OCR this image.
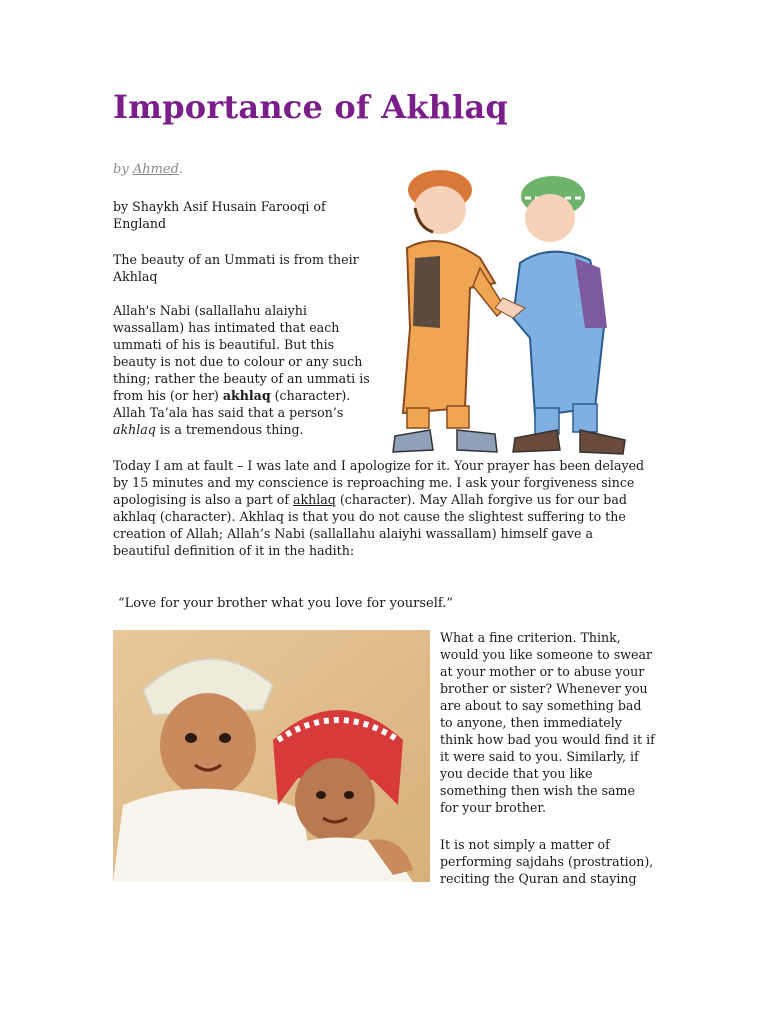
Importance of Akhlaq
by Ahmed.

by Shaykh Asif Husain Farooqi of England

The beauty of an Ummati is from their Akhlaq

Allah's Nabi (sallallahu alaiyhi wassallam) has intimated that each ummati of his is beautiful. But this beauty is not due to colour or any such thing; rather the beauty of an ummati is from his (or her) akhlaq (character). Allah Ta’ala has said that a person’s akhlaq is a tremendous thing.

Today I am at fault – I was late and I apologize for it. Your prayer has been delayed by 15 minutes and my conscience is reproaching me. I ask your forgiveness since apologising is also a part of akhlaq (character). May Allah forgive us for our bad akhlaq (character). Akhlaq is that you do not cause the slightest suffering to the creation of Allah; Allah’s Nabi (sallallahu alaiyhi wassallam) himself gave a beautiful definition of it in the hadith:

“Love for your brother what you love for yourself.”

What a fine criterion. Think, would you like someone to swear at your mother or to abuse your brother or sister? Whenever you are about to say something bad to anyone, then immediately think how bad you would find it if it were said to you. Similarly, if you decide that you like something then wish the same for your brother.

It is not simply a matter of performing sajdahs (prostration), reciting the Quran and staying
